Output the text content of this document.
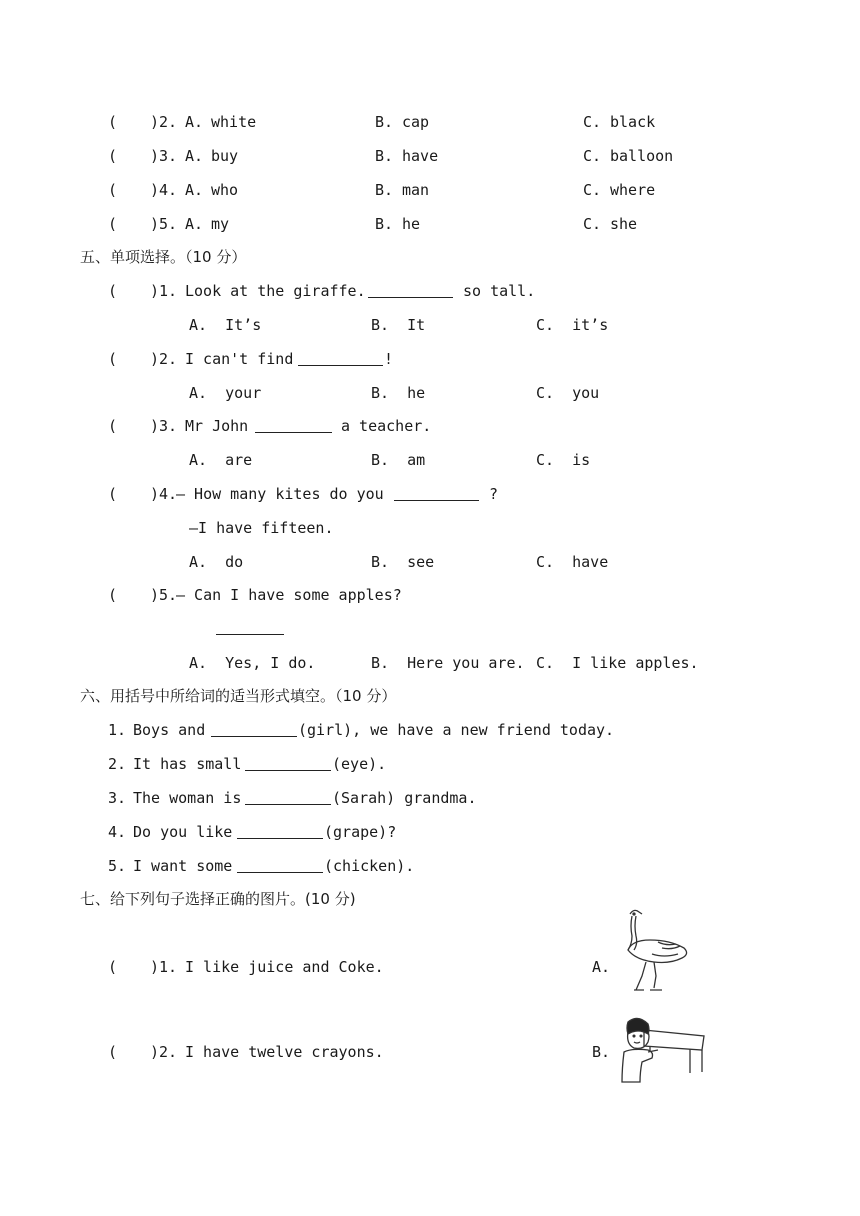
( )2. A. white	B. cap	C. black
( )3. A. buy	B. have	C. balloon
( )4. A. who	B. man	C. where
( )5. A. my	B. he	C. she
五、单项选择。（10 分）
( )1. Look at the giraffe.	so tall.
A.  It’s	B.  It	C.  it’s
( )2. I can't find	!
A.  your	B.  he	C.  you
( )3. Mr John	a teacher.
A.  are	B.  am	C.  is
( )4.
— How many kites do you	?
—I have fifteen.
A.  do	B.  see	C.  have
( )5.
— Can I have some apples?
A.  Yes, I do.	B.  Here you are. C.  I like apples.
六、用括号中所给词的适当形式填空。（10 分）
1. Boys and	(girl), we have a new friend today.
2. It has small	(eye).
3. The woman is	(Sarah) grandma.
4. Do you like	(grape)?
5. I want some	(chicken).
七、给下列句子选择正确的图片。(10 分)
( )1. I like juice and Coke.	A.
( )2. I have twelve crayons.	B.
